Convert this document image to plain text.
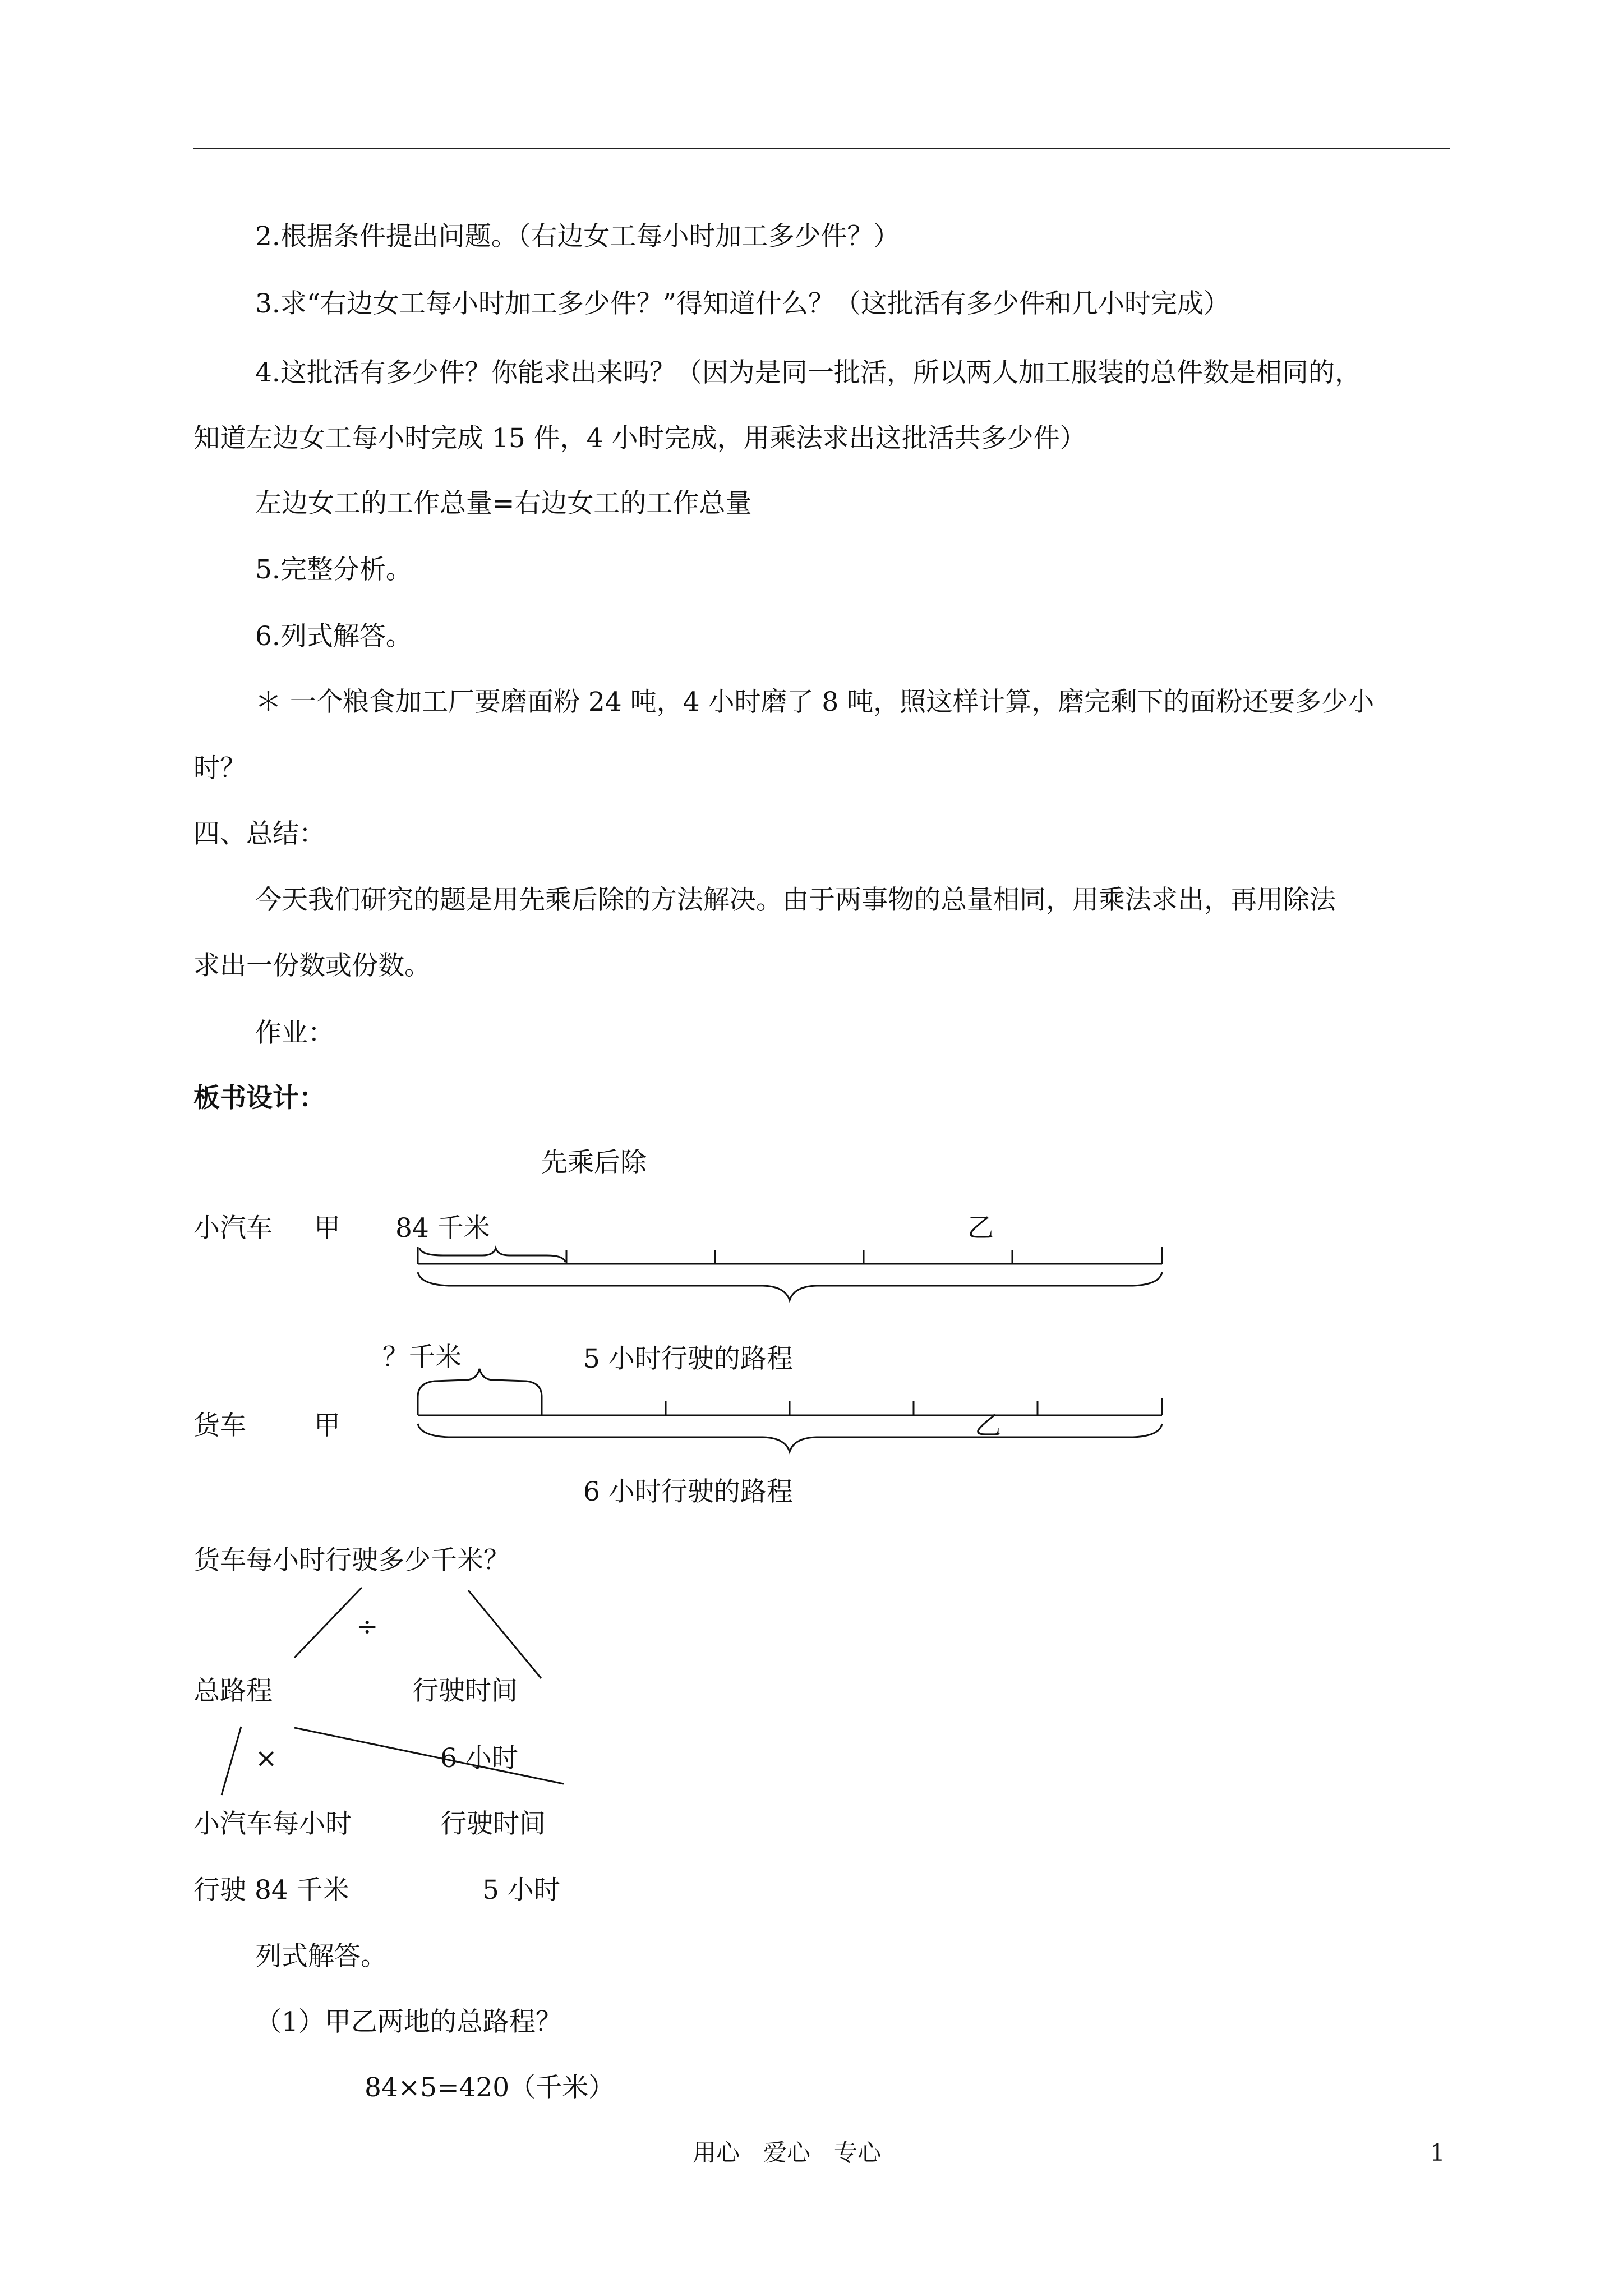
2.根据条件提出问题。（右边女工每小时加工多少件？）
3.求“右边女工每小时加工多少件？”得知道什么？（这批活有多少件和几小时完成）
4.这批活有多少件？你能求出来吗？（因为是同一批活，所以两人加工服装的总件数是相同的，
知道左边女工每小时完成 15 件，4 小时完成，用乘法求出这批活共多少件）
左边女工的工作总量=右边女工的工作总量
5.完整分析。
6.列式解答。
＊ 一个粮食加工厂要磨面粉 24 吨，4 小时磨了 8 吨，照这样计算，磨完剩下的面粉还要多少小
时？
四、总结：
今天我们研究的题是用先乘后除的方法解决。由于两事物的总量相同，用乘法求出，再用除法
求出一份数或份数。
作业：
板书设计：
先乘后除
小汽车 甲 84 千米	乙
？千米	5 小时行驶的路程
货车	甲	乙
6 小时行驶的路程
货车每小时行驶多少千米？
÷
总路程	行驶时间
×	6 小时
小汽车每小时	行驶时间
行驶 84 千米	5 小时
列式解答。
（1）甲乙两地的总路程？
84×5=420（千米）
用心　爱心　专心	1
